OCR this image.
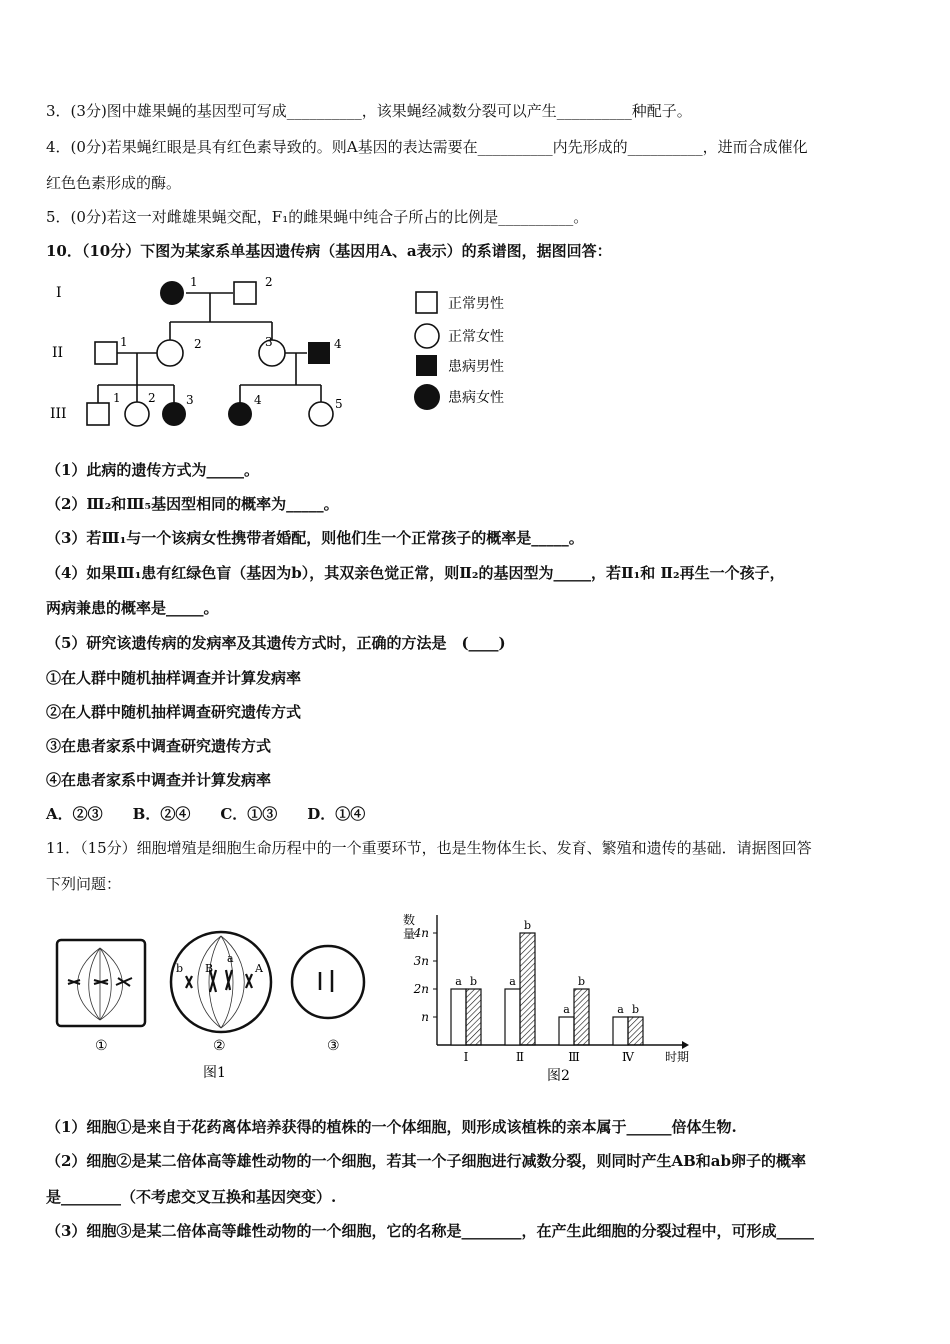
3．(3分)图中雄果蝇的基因型可写成__________，该果蝇经减数分裂可以产生__________种配子。
4．(0分)若果蝇红眼是具有红色素导致的。则A基因的表达需要在__________内先形成的__________，进而合成催化
红色色素形成的酶。
5．(0分)若这一对雌雄果蝇交配，F₁的雌果蝇中纯合子所占的比例是__________。
10．（10分）下图为某家系单基因遗传病（基因用A、a表示）的系谱图，据图回答：
I
II
III
1	2
1	2	3	4
1 2	3	4	5
正常男性
正常女性
患病男性
患病女性
（1）此病的遗传方式为_____。
（2）Ⅲ₂和Ⅲ₅基因型相同的概率为_____。
（3）若Ⅲ₁与一个该病女性携带者婚配，则他们生一个正常孩子的概率是_____。
（4）如果Ⅲ₁患有红绿色盲（基因为b），其双亲色觉正常，则Ⅱ₂的基因型为_____，若Ⅱ₁和 Ⅱ₂再生一个孩子，
两病兼患的概率是_____。
（5）研究该遗传病的发病率及其遗传方式时，正确的方法是　(____)
①在人群中随机抽样调查并计算发病率
②在人群中随机抽样调查研究遗传方式
③在患者家系中调查研究遗传方式
④在患者家系中调查并计算发病率
A．②③　　B．②④　　C．①③　　D．①④
11．（15分）细胞增殖是细胞生命历程中的一个重要环节，也是生物体生长、发育、繁殖和遗传的基础．请据图回答
下列问题：
①
b B
a
A
②	③
图1
数
量
n
2n
3n
4n
a b
Ⅰ
a
b
Ⅱ
a
b
Ⅲ
a b
Ⅳ	时期
图2
（1）细胞①是来自于花药离体培养获得的植株的一个体细胞，则形成该植株的亲本属于______倍体生物.
（2）细胞②是某二倍体高等雄性动物的一个细胞，若其一个子细胞进行减数分裂，则同时产生AB和ab卵子的概率
是________（不考虑交叉互换和基因突变）.
（3）细胞③是某二倍体高等雌性动物的一个细胞，它的名称是________，在产生此细胞的分裂过程中，可形成_____
